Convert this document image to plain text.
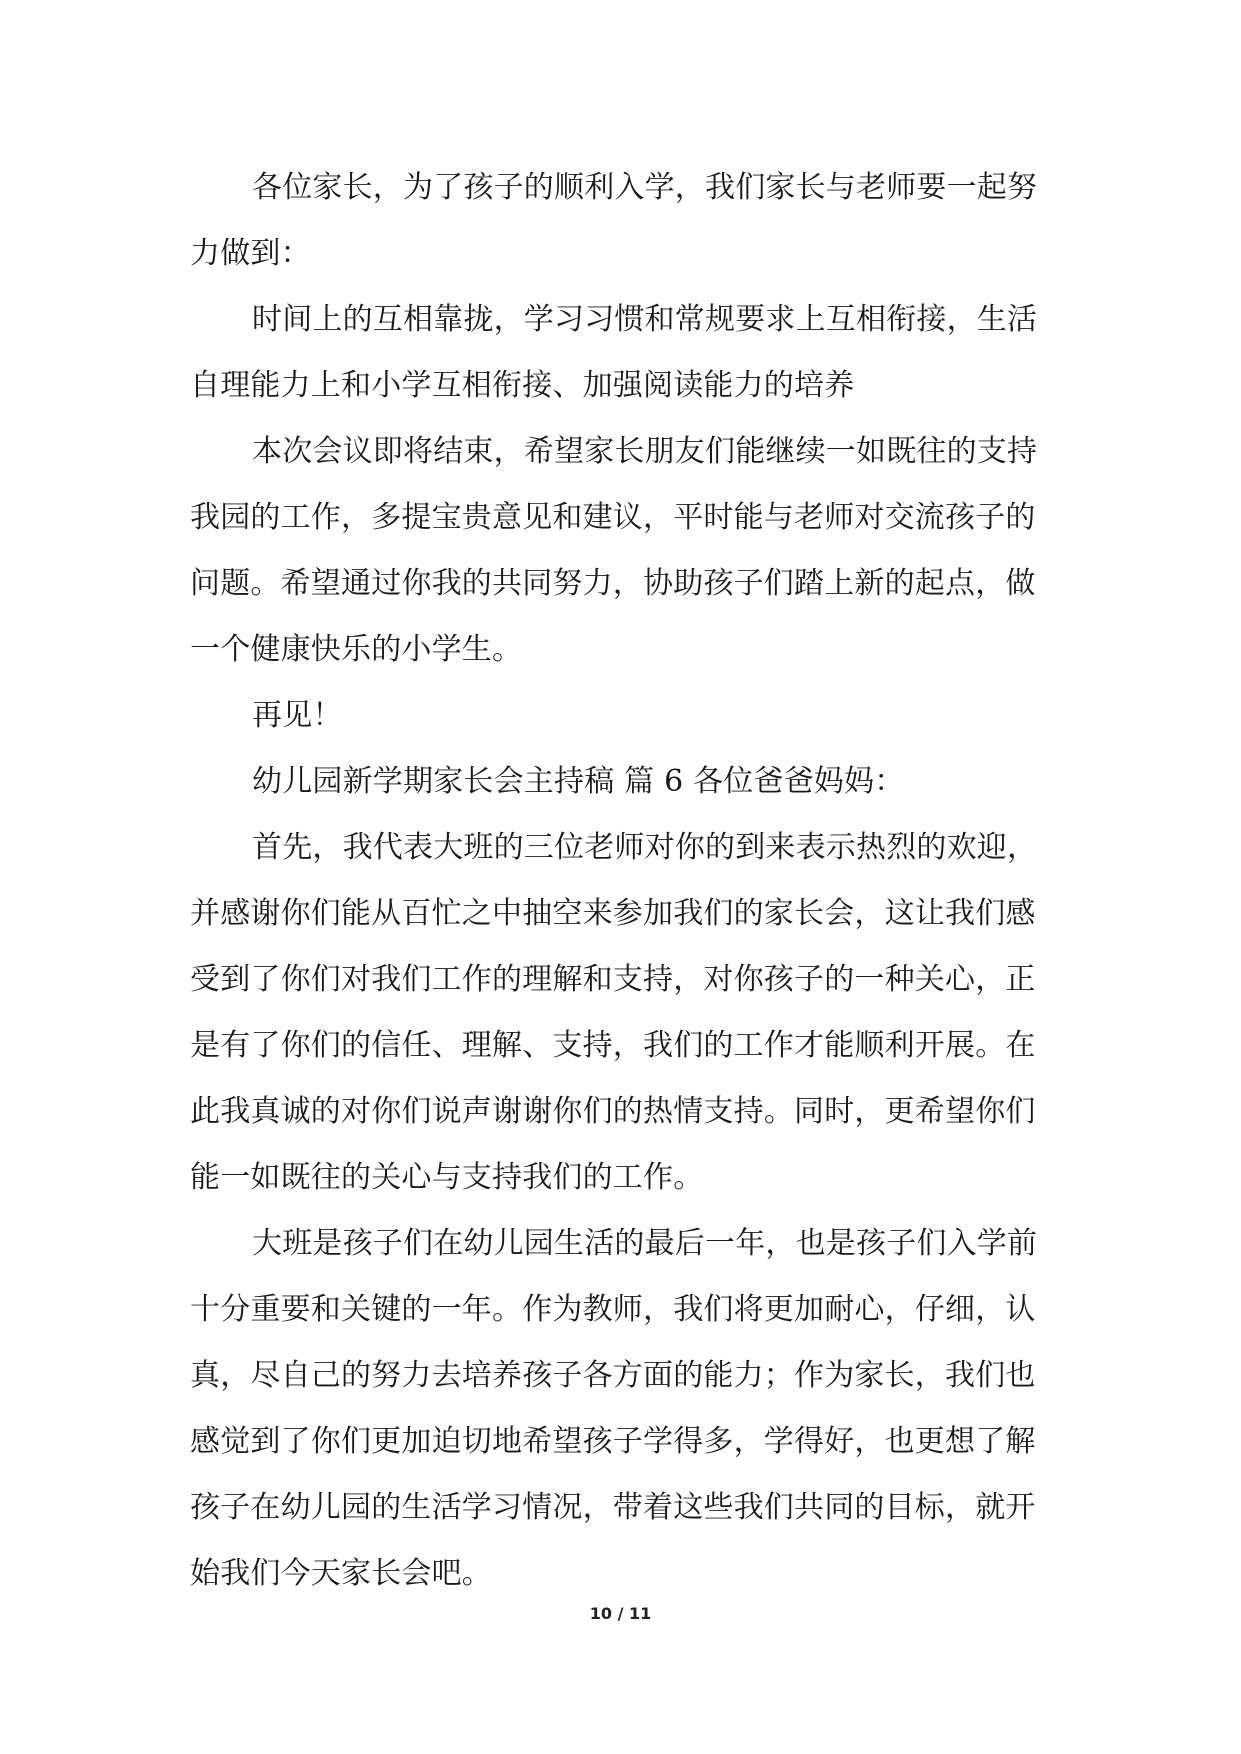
各位家长，为了孩子的顺利入学，我们家长与老师要一起努
力做到：
时间上的互相靠拢，学习习惯和常规要求上互相衔接，生活
自理能力上和小学互相衔接、加强阅读能力的培养
本次会议即将结束，希望家长朋友们能继续一如既往的支持
我园的工作，多提宝贵意见和建议，平时能与老师对交流孩子的
问题。希望通过你我的共同努力，协助孩子们踏上新的起点，做
一个健康快乐的小学生。
再见！
幼儿园新学期家长会主持稿 篇 6 各位爸爸妈妈：
首先，我代表大班的三位老师对你的到来表示热烈的欢迎，
并感谢你们能从百忙之中抽空来参加我们的家长会，这让我们感
受到了你们对我们工作的理解和支持，对你孩子的一种关心，正
是有了你们的信任、理解、支持，我们的工作才能顺利开展。在
此我真诚的对你们说声谢谢你们的热情支持。同时，更希望你们
能一如既往的关心与支持我们的工作。
大班是孩子们在幼儿园生活的最后一年，也是孩子们入学前
十分重要和关键的一年。作为教师，我们将更加耐心，仔细，认
真，尽自己的努力去培养孩子各方面的能力；作为家长，我们也
感觉到了你们更加迫切地希望孩子学得多，学得好，也更想了解
孩子在幼儿园的生活学习情况，带着这些我们共同的目标，就开
始我们今天家长会吧。
10 / 11
